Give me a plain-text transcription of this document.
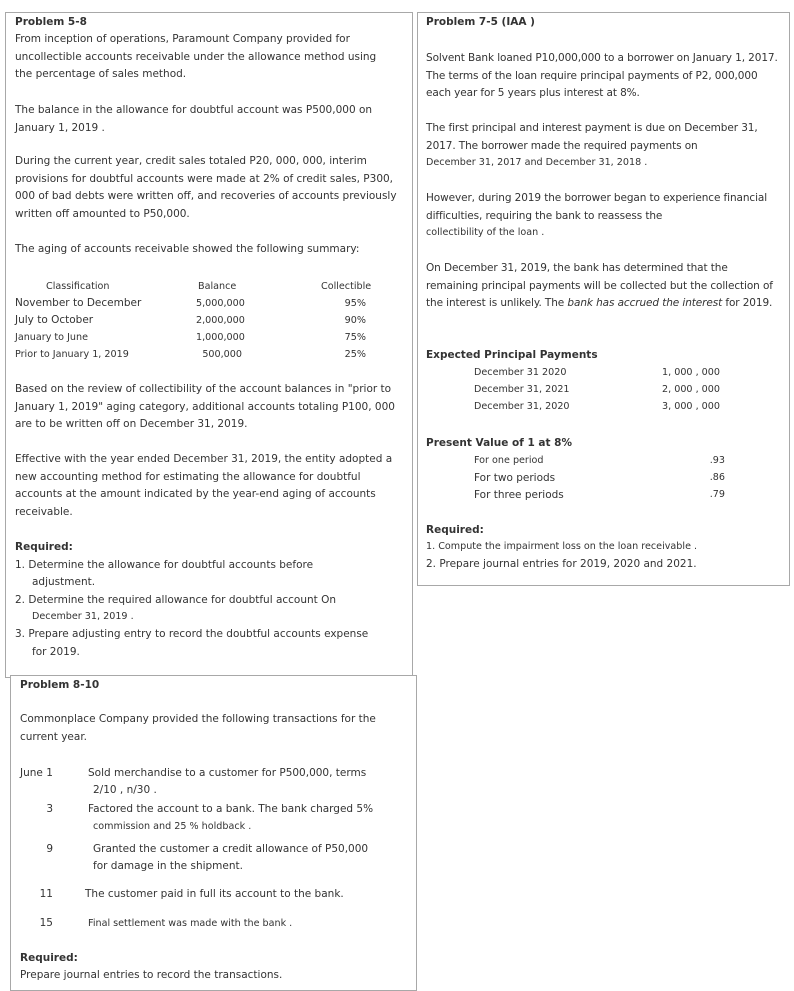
Problem 5-8
From inception of operations, Paramount Company provided for uncollectible accounts receivable under the allowance method using the percentage of sales method.
The balance in the allowance for doubtful account was P500,000 on January 1, 2019 .
During the current year, credit sales totaled P20, 000, 000, interim provisions for doubtful accounts were made at 2% of credit sales, P300, 000 of bad debts were written off, and recoveries of accounts previously written off amounted to P50,000.
The aging of accounts receivable showed the following summary:
Classification	Balance	Collectible
November to December	5,000,000	95%
July to October	2,000,000	90%
January to June	1,000,000	75%
Prior to January 1, 2019	500,000	25%
Based on the review of collectibility of the account balances in "prior to January 1, 2019" aging category, additional accounts totaling P100, 000 are to be written off on December 31, 2019.
Effective with the year ended December 31, 2019, the entity adopted a new accounting method for estimating the allowance for doubtful accounts at the amount indicated by the year-end aging of accounts receivable.
Required:
1. Determine the allowance for doubtful accounts before
adjustment.
2. Determine the required allowance for doubtful account On
December 31, 2019 .
3. Prepare adjusting entry to record the doubtful accounts expense
for 2019.
Problem 7-5 (IAA )
Solvent Bank loaned P10,000,000 to a borrower on January 1, 2017. The terms of the loan require principal payments of P2, 000,000 each year for 5 years plus interest at 8%.
The first principal and interest payment is due on December 31, 2017. The borrower made the required payments on
December 31, 2017 and December 31, 2018 .
However, during 2019 the borrower began to experience financial difficulties, requiring the bank to reassess the
collectibility of the loan .
On December 31, 2019, the bank has determined that the remaining principal payments will be collected but the collection of the interest is unlikely. The bank has accrued the interest for 2019.
Expected Principal Payments
December 31 2020	1, 000 , 000
December 31, 2021	2, 000 , 000
December 31, 2020	3, 000 , 000
Present Value of 1 at 8%
For one period	.93
For two periods	.86
For three periods	.79
Required:
1. Compute the impairment loss on the loan receivable .
2. Prepare journal entries for 2019, 2020 and 2021.
Problem 8-10
Commonplace Company provided the following transactions for the current year.
June 1	Sold merchandise to a customer for P500,000, terms
2/10 , n/30 .
3	Factored the account to a bank. The bank charged 5%
commission and 25 % holdback .
9	Granted the customer a credit allowance of P50,000
for damage in the shipment.
11	The customer paid in full its account to the bank.
15	Final settlement was made with the bank .
Required:
Prepare journal entries to record the transactions.
